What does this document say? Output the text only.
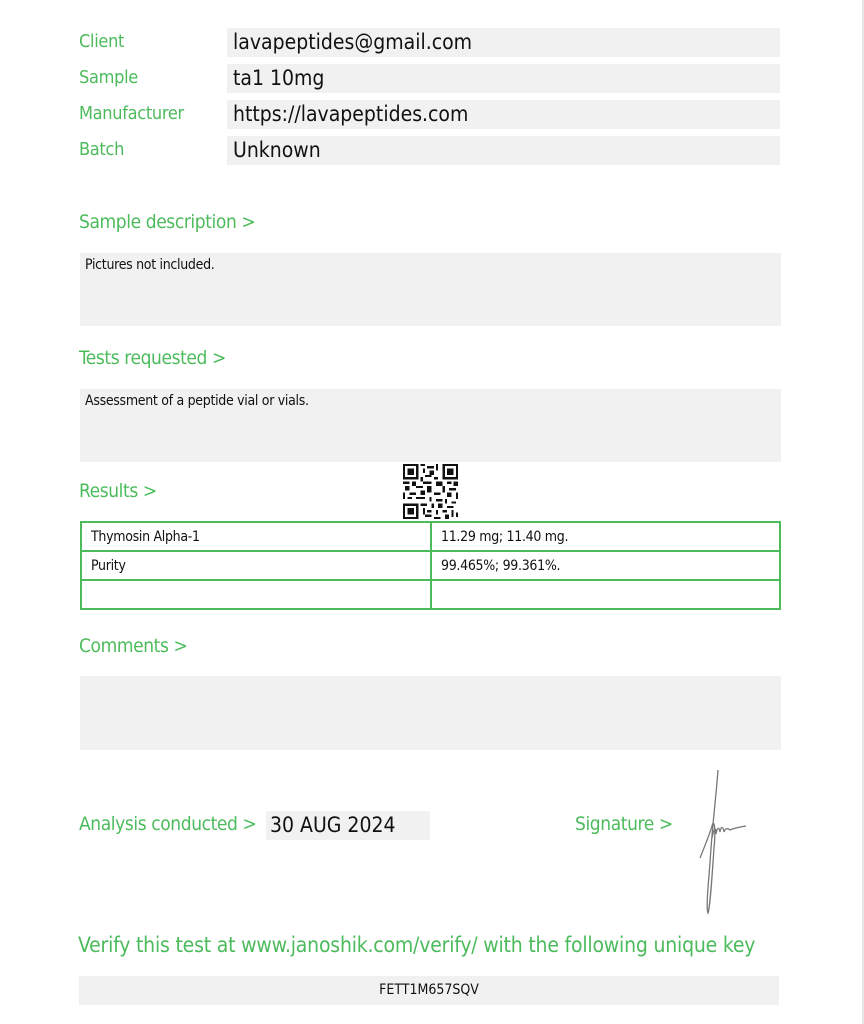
Client	lavapeptides@gmail.com
Sample	ta1 10mg
Manufacturer https://lavapeptides.com
Batch	Unknown
Sample description >
Pictures not included.
Tests requested >
Assessment of a peptide vial or vials.
Results >
Thymosin Alpha-1	11.29 mg; 11.40 mg.
Purity	99.465%; 99.361%.

Comments >
Analysis conducted > 30 AUG 2024	Signature >
Verify this test at www.janoshik.com/verify/ with the following unique key
FETT1M657SQV
